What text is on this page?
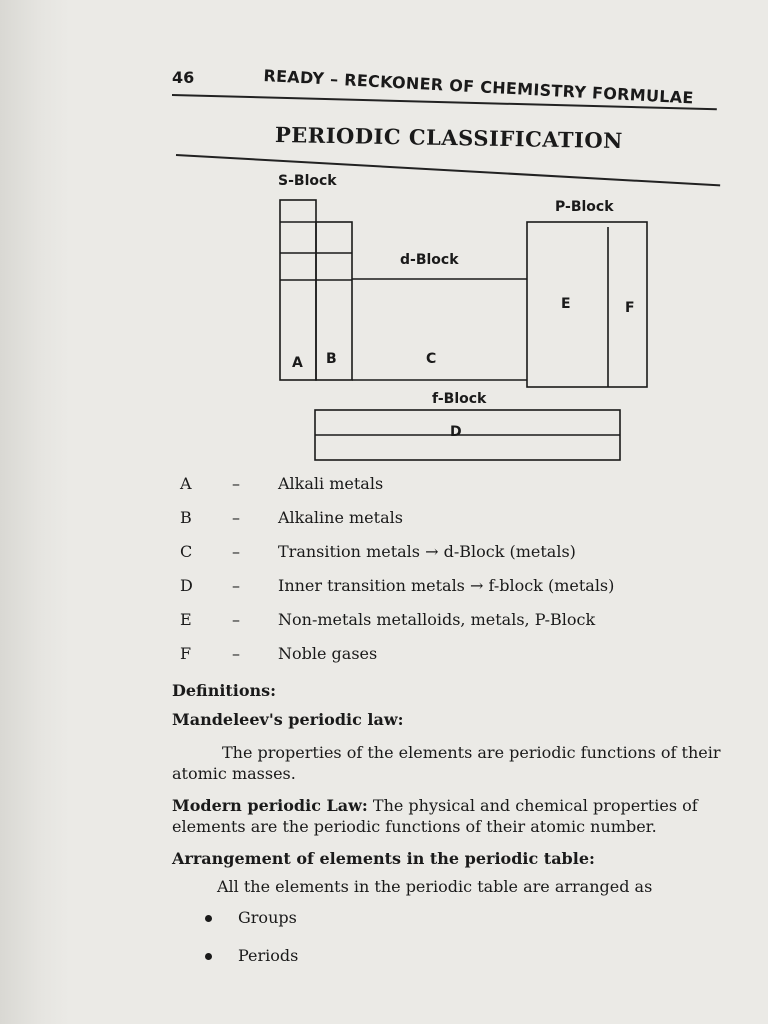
46	READY – RECKONER OF CHEMISTRY FORMULAE
PERIODIC CLASSIFICATION
S-Block
P-Block
d-Block
f-Block
A B	C
D
E	F
A	– Alkali metals
B	– Alkaline metals
C – Transition metals → d-Block (metals)
D – Inner transition metals → f-block (metals)
E	– Non-metals metalloids, metals, P-Block
F	– Noble gases
Definitions:
Mandeleev's periodic law:
The properties of the elements are periodic functions of their atomic masses.
Modern periodic Law: The physical and chemical properties of elements are the periodic functions of their atomic number.
Arrangement of elements in the periodic table:
All the elements in the periodic table are arranged as
Groups
Periods
